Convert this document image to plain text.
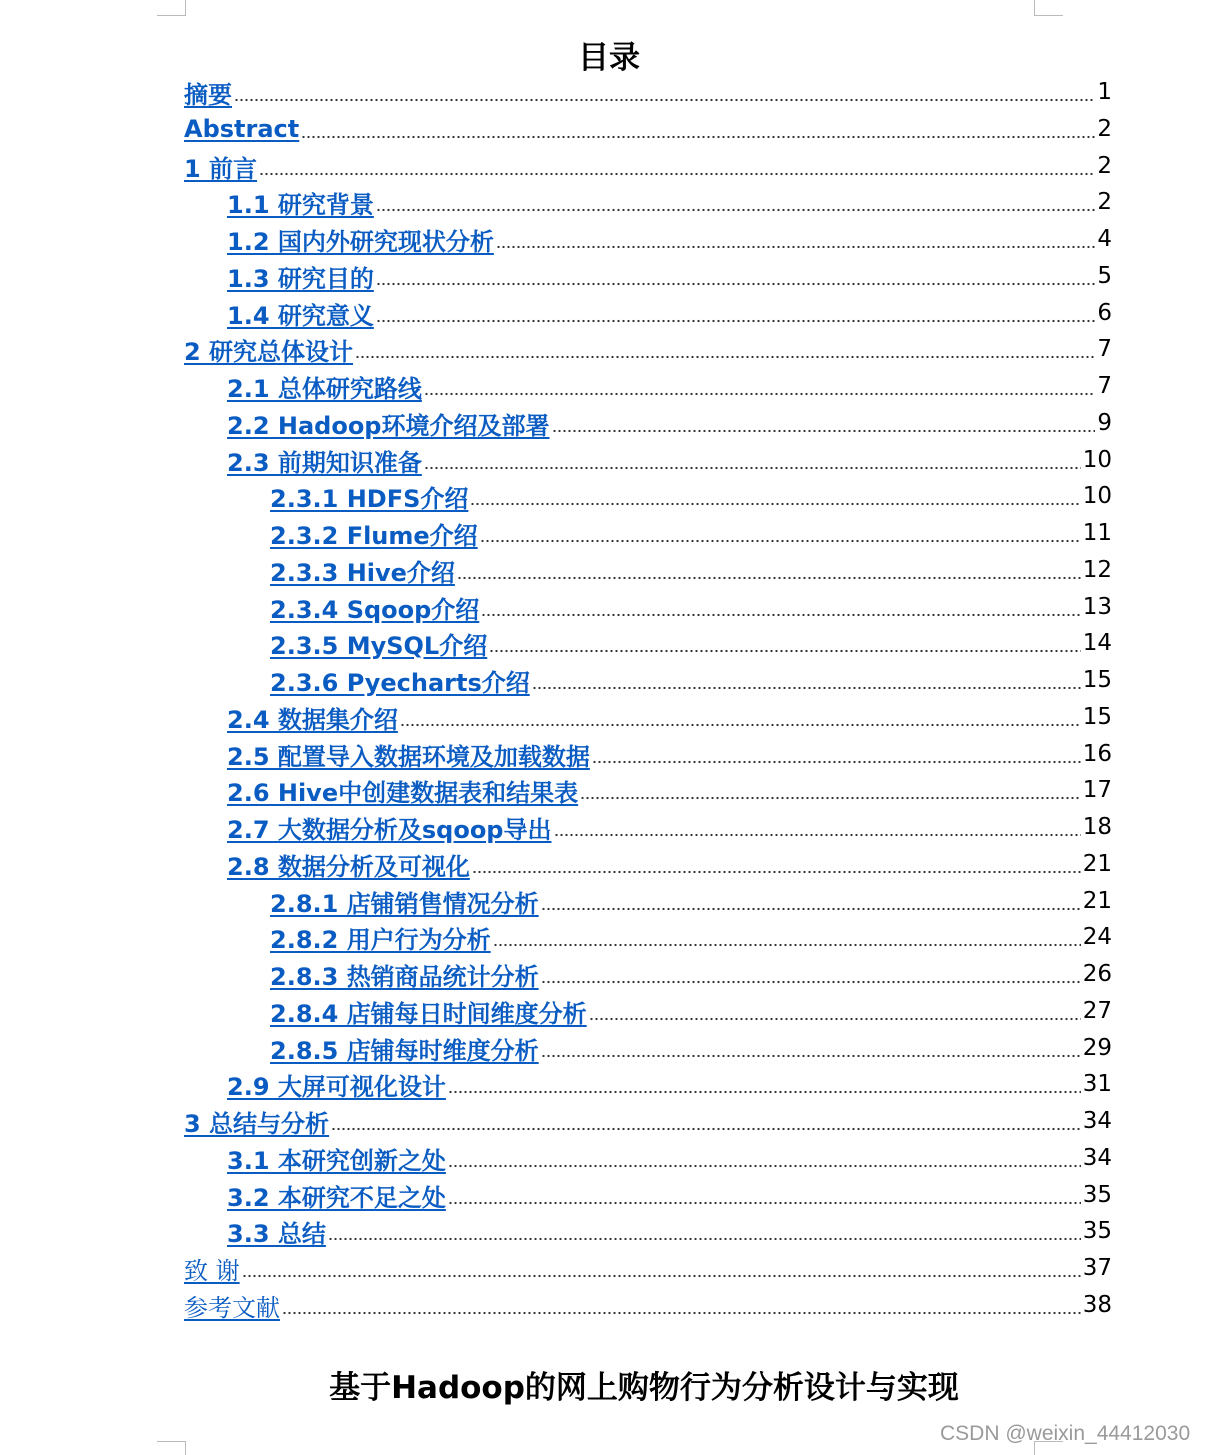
目录
摘要	1
Abstract	2
1 前言	2
1.1 研究背景	2
1.2 国内外研究现状分析	4
1.3 研究目的	5
1.4 研究意义	6
2 研究总体设计	7
2.1 总体研究路线	7
2.2 Hadoop环境介绍及部署	9
2.3 前期知识准备	10
2.3.1 HDFS介绍	10
2.3.2 Flume介绍	11
2.3.3 Hive介绍	12
2.3.4 Sqoop介绍	13
2.3.5 MySQL介绍	14
2.3.6 Pyecharts介绍	15
2.4 数据集介绍	15
2.5 配置导入数据环境及加载数据	16
2.6 Hive中创建数据表和结果表	17
2.7 大数据分析及sqoop导出	18
2.8 数据分析及可视化	21
2.8.1 店铺销售情况分析	21
2.8.2 用户行为分析	24
2.8.3 热销商品统计分析	26
2.8.4 店铺每日时间维度分析	27
2.8.5 店铺每时维度分析	29
2.9 大屏可视化设计	31
3 总结与分析	34
3.1 本研究创新之处	34
3.2 本研究不足之处	35
3.3 总结	35
致 谢	37
参考文献	38
基于Hadoop的网上购物行为分析设计与实现
CSDN @weixin_44412030
